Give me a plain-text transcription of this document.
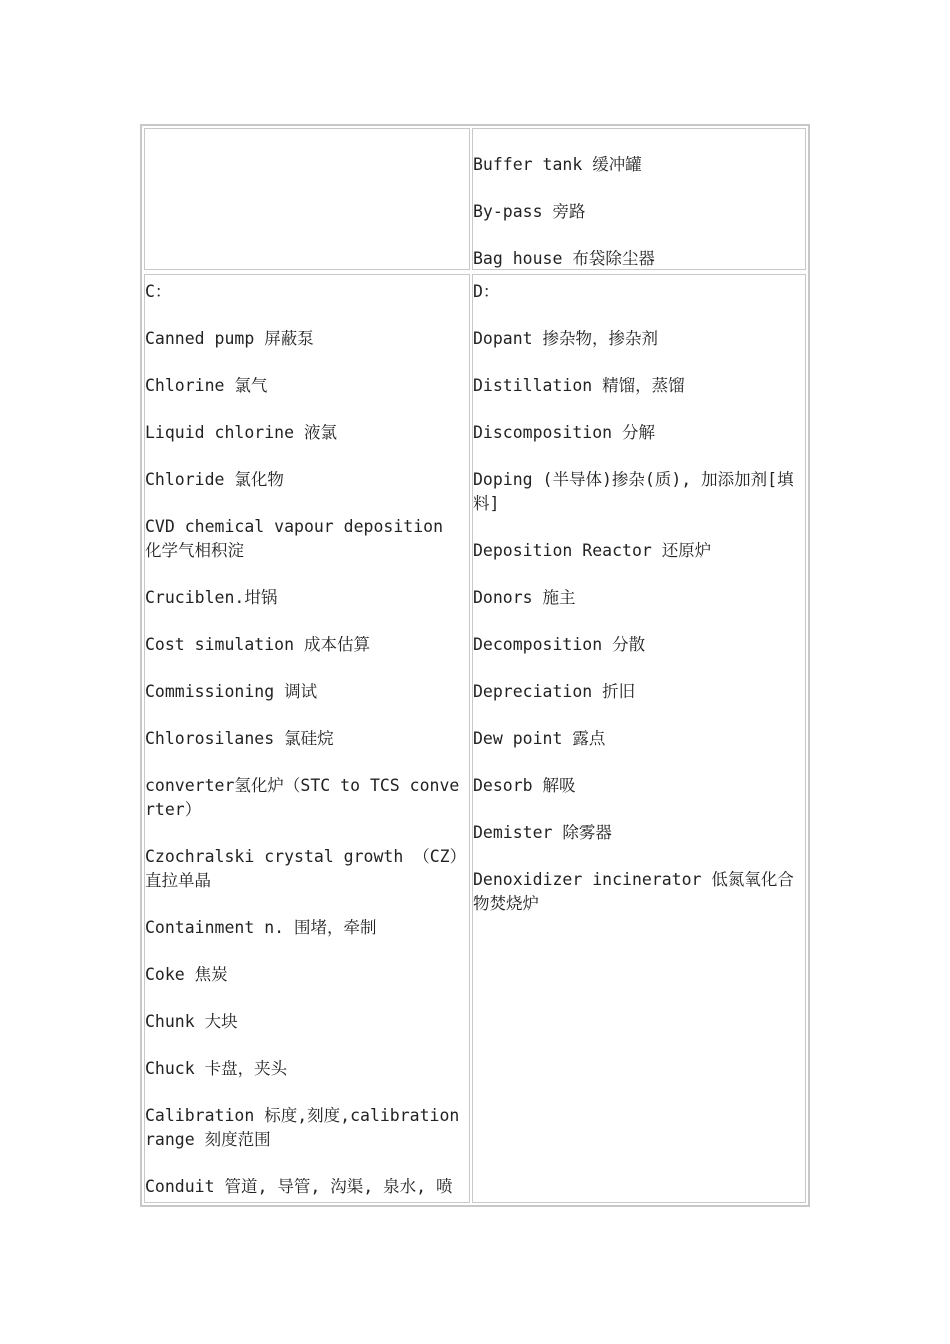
Buffer tank 缓冲罐
By-pass 旁路
Bag house 布袋除尘器
C：
Canned pump 屏蔽泵
Chlorine 氯气
Liquid chlorine 液氯
Chloride 氯化物
CVD chemical vapour deposition 化学气相积淀
Cruciblen.坩锅
Cost simulation 成本估算
Commissioning 调试
Chlorosilanes 氯硅烷
converter氢化炉（STC to TCS converter）
Czochralski crystal growth （CZ）直拉单晶
Containment n. 围堵，牵制
Coke 焦炭
Chunk 大块
Chuck 卡盘，夹头
Calibration 标度,刻度,calibration range 刻度范围
Conduit 管道, 导管, 沟渠, 泉水, 喷
D：
Dopant 掺杂物，掺杂剂
Distillation 精馏，蒸馏
Discomposition 分解
Doping (半导体)掺杂(质), 加添加剂[填料]
Deposition Reactor 还原炉
Donors 施主
Decomposition 分散
Depreciation 折旧
Dew point 露点
Desorb 解吸
Demister 除雾器
Denoxidizer incinerator 低氮氧化合物焚烧炉
